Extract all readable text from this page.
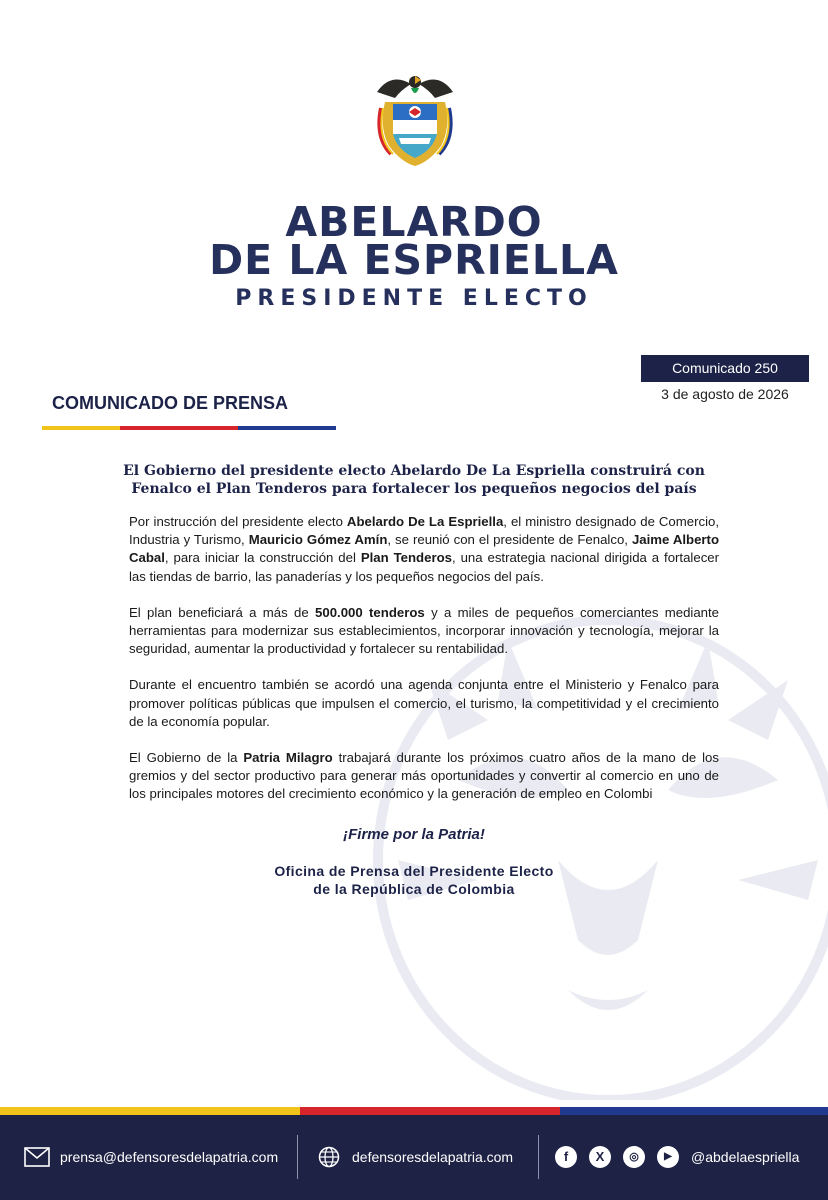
ABELARDO
DE LA ESPRIELLA
PRESIDENTE ELECTO
Comunicado 250
3 de agosto de 2026
COMUNICADO DE PRENSA
El Gobierno del presidente electo Abelardo De La Espriella construirá con
Fenalco el Plan Tenderos para fortalecer los pequeños negocios del país

Por instrucción del presidente electo Abelardo De La Espriella, el ministro designado de Comercio, Industria y Turismo, Mauricio Gómez Amín, se reunió con el presidente de Fenalco, Jaime Alberto Cabal, para iniciar la construcción del Plan Tenderos, una estrategia nacional dirigida a fortalecer las tiendas de barrio, las panaderías y los pequeños negocios del país.

El plan beneficiará a más de 500.000 tenderos y a miles de pequeños comerciantes mediante herramientas para modernizar sus establecimientos, incorporar innovación y tecnología, mejorar la seguridad, aumentar la productividad y fortalecer su rentabilidad.

Durante el encuentro también se acordó una agenda conjunta entre el Ministerio y Fenalco para promover políticas públicas que impulsen el comercio, el turismo, la competitividad y el crecimiento de la economía popular.

El Gobierno de la Patria Milagro trabajará durante los próximos cuatro años de la mano de los gremios y del sector productivo para generar más oportunidades y convertir al comercio en uno de los principales motores del crecimiento económico y la generación de empleo en Colombi

¡Firme por la Patria!
Oficina de Prensa del Presidente Electo
de la República de Colombia
prensa@defensoresdelapatria.com	defensoresdelapatria.com	f	X	◎	▶	@abdelaespriella
